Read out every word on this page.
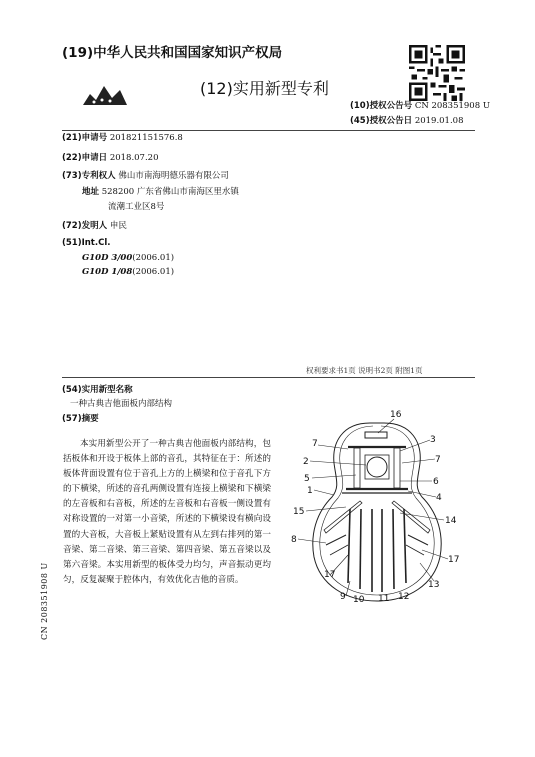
(19)中华人民共和国国家知识产权局
(12)实用新型专利
(10)授权公告号 CN 208351908 U
(45)授权公告日 2019.01.08
(21)申请号 201821151576.8
(22)申请日 2018.07.20
(73)专利权人 佛山市南海明德乐器有限公司
地址 528200 广东省佛山市南海区里水镇
流潮工业区8号
(72)发明人 申民
(51)Int.Cl.
G10D 3/00(2006.01)
G10D 1/08(2006.01)
权利要求书1页 说明书2页 附图1页
(54)实用新型名称
一种古典吉他面板内部结构
(57)摘要
本实用新型公开了一种古典吉他面板内部结构，包括板体和开设于板体上部的音孔，其特征在于：所述的板体背面设置有位于音孔上方的上横梁和位于音孔下方的下横梁，所述的音孔两侧设置有连接上横梁和下横梁的左音板和右音板，所述的左音板和右音板一侧设置有对称设置的一对第一小音梁，所述的下横梁设有横向设置的大音板，大音板上紧贴设置有从左到右排列的第一音梁、第二音梁、第三音梁、第四音梁、第五音梁以及第六音梁。本实用新型的板体受力均匀，声音振动更均匀，反复凝聚于腔体内，有效优化吉他的音质。
16
7	3
2	7
5	6
1
4
15
14
8
17
17
9 10 11 12
13
CN 208351908 U
